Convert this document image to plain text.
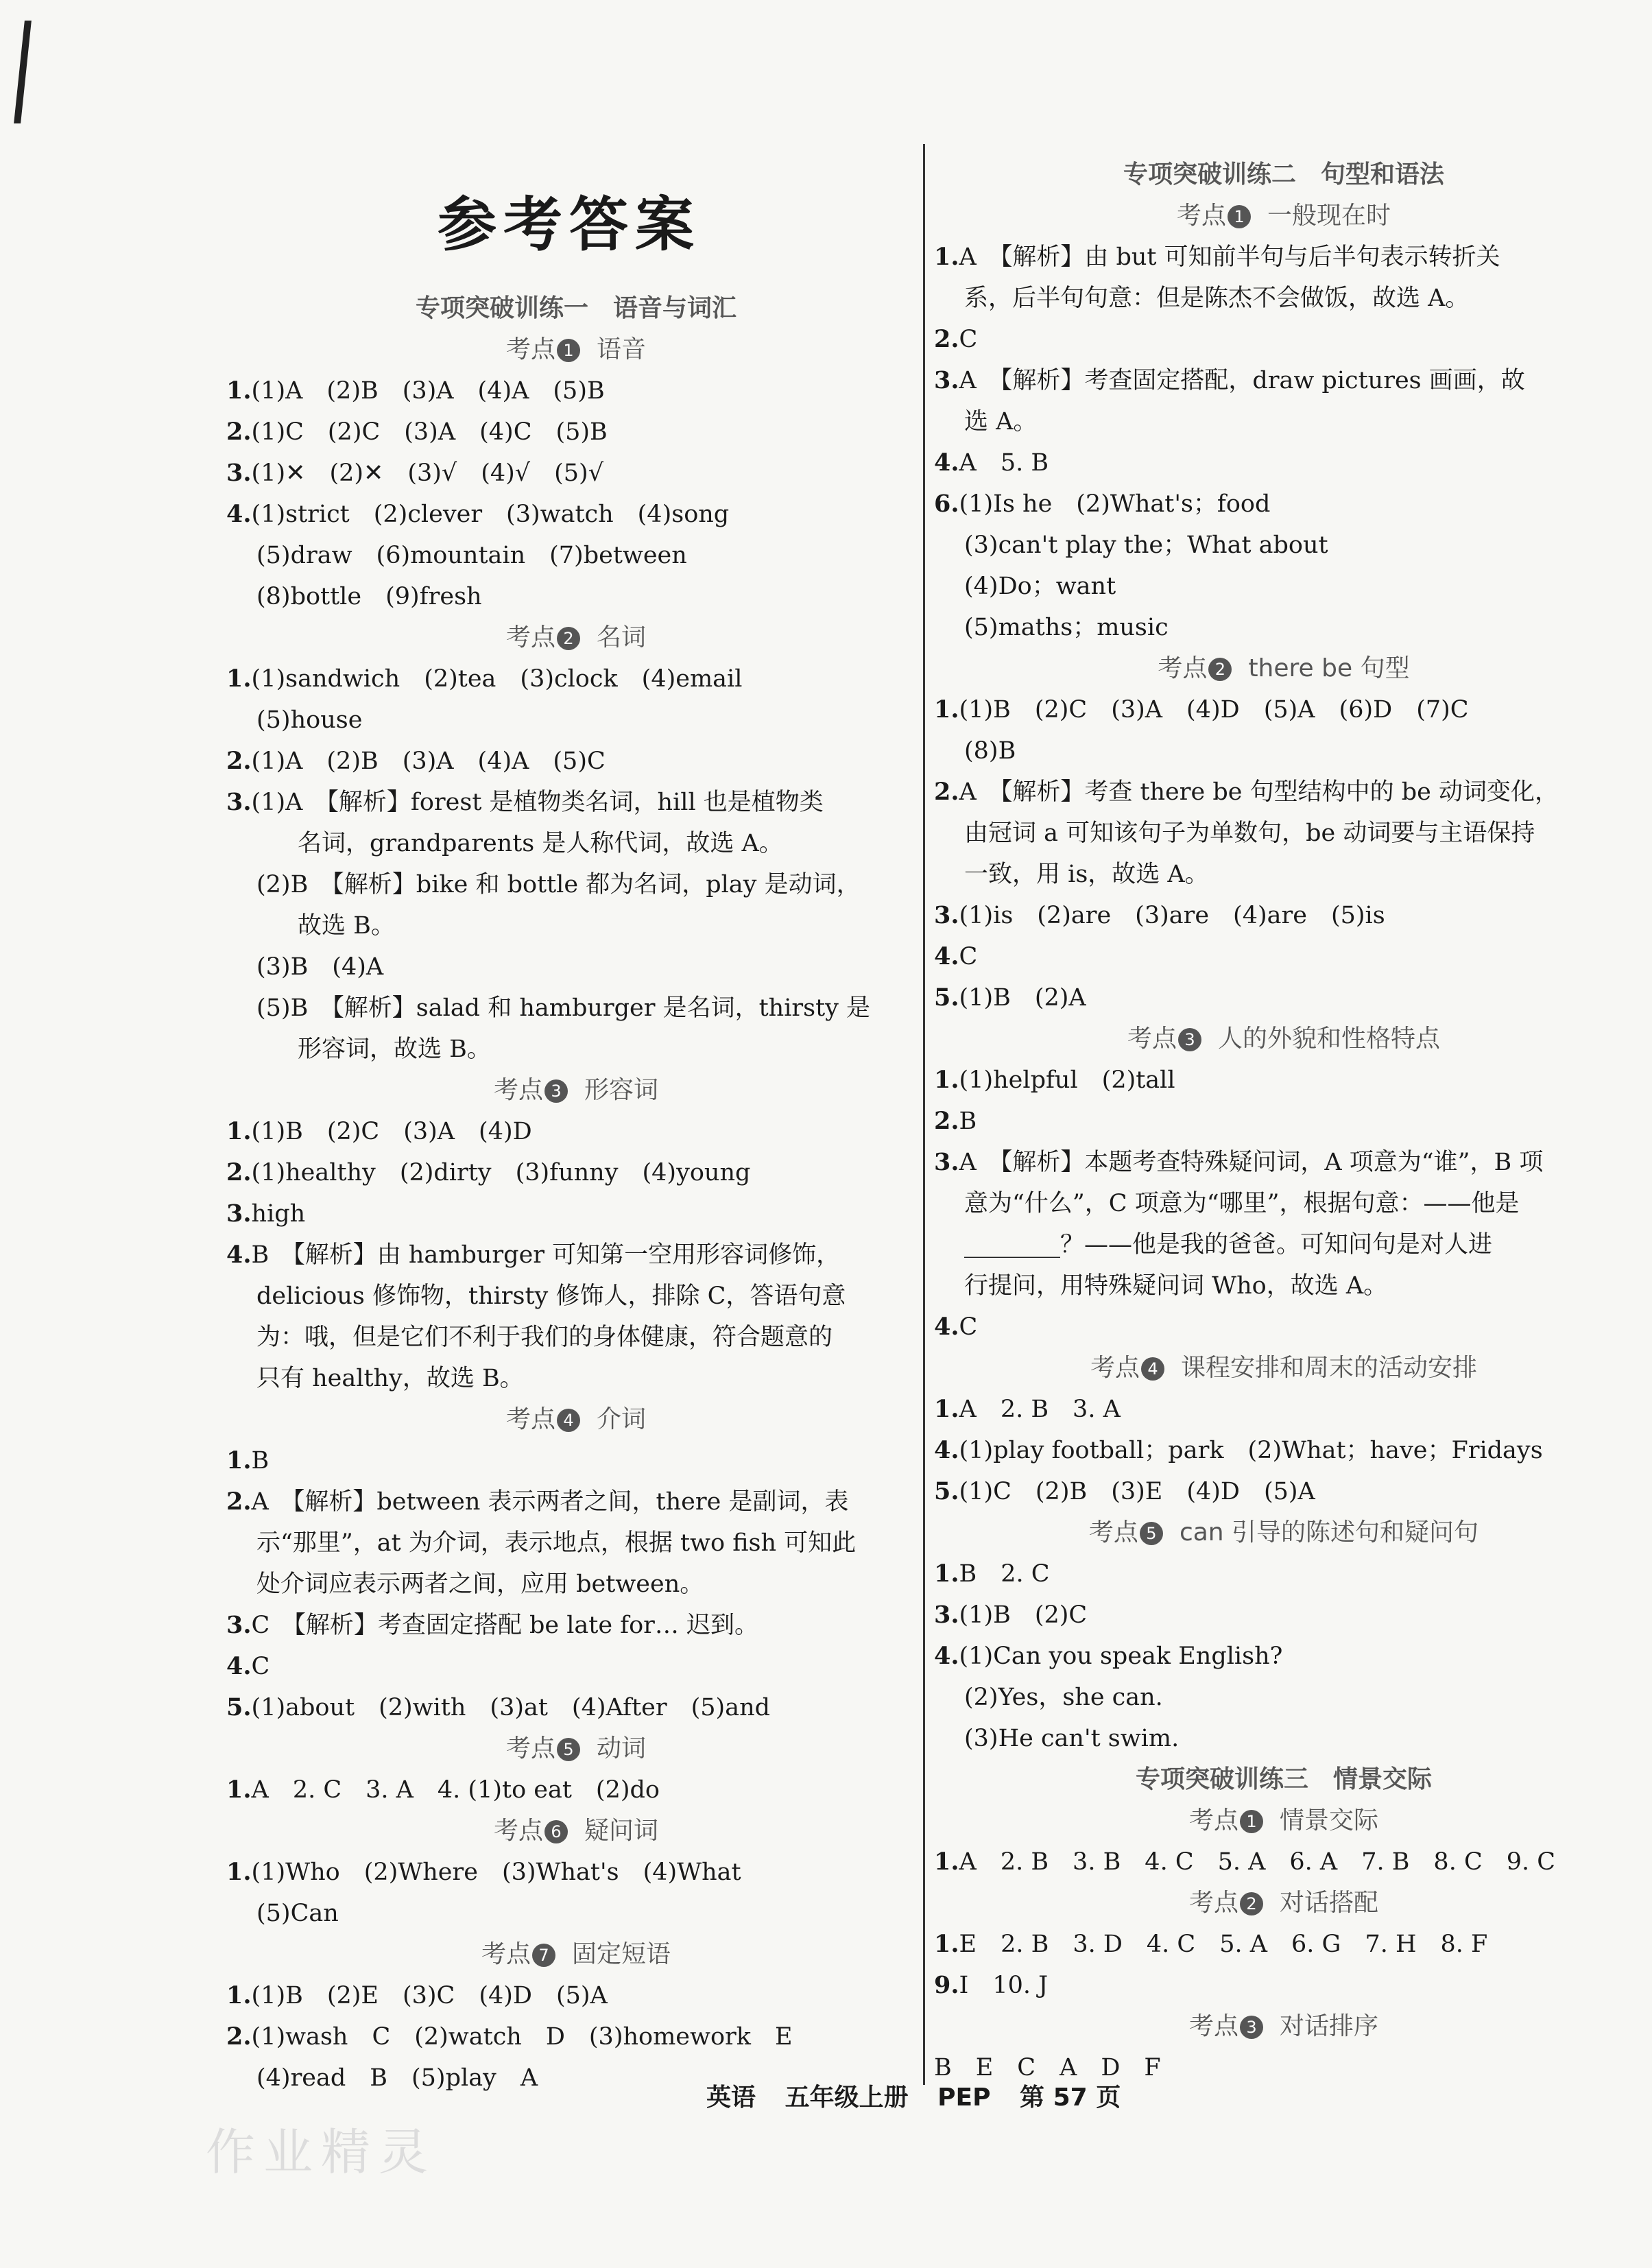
参考答案
专项突破训练一　语音与词汇
考点 1 语音
1.(1)A　(2)B　(3)A　(4)A　(5)B
2.(1)C　(2)C　(3)A　(4)C　(5)B
3.(1)✕　(2)✕　(3)√　(4)√　(5)√
4.(1)strict　(2)clever　(3)watch　(4)song
(5)draw　(6)mountain　(7)between
(8)bottle　(9)fresh
考点 2 名词
1.(1)sandwich　(2)tea　(3)clock　(4)email
(5)house
2.(1)A　(2)B　(3)A　(4)A　(5)C
3.(1)A　【解析】forest 是植物类名词，hill 也是植物类
名词，grandparents 是人称代词，故选 A。
(2)B　【解析】bike 和 bottle 都为名词，play 是动词，
故选 B。
(3)B　(4)A
(5)B　【解析】salad 和 hamburger 是名词，thirsty 是
形容词，故选 B。
考点 3 形容词
1.(1)B　(2)C　(3)A　(4)D
2.(1)healthy　(2)dirty　(3)funny　(4)young
3.high
4.B　【解析】由 hamburger 可知第一空用形容词修饰，
delicious 修饰物，thirsty 修饰人，排除 C，答语句意
为：哦，但是它们不利于我们的身体健康，符合题意的
只有 healthy，故选 B。
考点 4 介词
1.B
2.A　【解析】between 表示两者之间，there 是副词，表
示“那里”，at 为介词，表示地点，根据 two fish 可知此
处介词应表示两者之间，应用 between。
3.C　【解析】考查固定搭配 be late for… 迟到。
4.C
5.(1)about　(2)with　(3)at　(4)After　(5)and
考点 5 动词
1.A　2. C　3. A　4. (1)to eat　(2)do
考点 6 疑问词
1.(1)Who　(2)Where　(3)What's　(4)What
(5)Can
考点 7 固定短语
1.(1)B　(2)E　(3)C　(4)D　(5)A
2.(1)wash　C　(2)watch　D　(3)homework　E
(4)read　B　(5)play　A
专项突破训练二　句型和语法
考点 1 一般现在时
1.A　【解析】由 but 可知前半句与后半句表示转折关
系，后半句句意：但是陈杰不会做饭，故选 A。
2.C
3.A　【解析】考查固定搭配，draw pictures 画画，故
选 A。
4.A　5. B
6.(1)Is he　(2)What's；food
(3)can't play the；What about
(4)Do；want
(5)maths；music
考点 2 there be 句型
1.(1)B　(2)C　(3)A　(4)D　(5)A　(6)D　(7)C
(8)B
2.A　【解析】考查 there be 句型结构中的 be 动词变化，
由冠词 a 可知该句子为单数句，be 动词要与主语保持
一致，用 is，故选 A。
3.(1)is　(2)are　(3)are　(4)are　(5)is
4.C
5.(1)B　(2)A
考点 3 人的外貌和性格特点
1.(1)helpful　(2)tall
2.B
3.A　【解析】本题考查特殊疑问词，A 项意为“谁”，B 项
意为“什么”，C 项意为“哪里”，根据句意：——他是
________？——他是我的爸爸。可知问句是对人进
行提问，用特殊疑问词 Who，故选 A。
4.C
考点 4 课程安排和周末的活动安排
1.A　2. B　3. A
4.(1)play football；park　(2)What；have；Fridays
5.(1)C　(2)B　(3)E　(4)D　(5)A
考点 5 can 引导的陈述句和疑问句
1.B　2. C
3.(1)B　(2)C
4.(1)Can you speak English?
(2)Yes，she can.
(3)He can't swim.
专项突破训练三　情景交际
考点 1 情景交际
1.A　2. B　3. B　4. C　5. A　6. A　7. B　8. C　9. C
考点 2 对话搭配
1.E　2. B　3. D　4. C　5. A　6. G　7. H　8. F
9.I　10. J
考点 3 对话排序
B　E　C　A　D　F
英语 五年级上册 PEP 第 57 页
作业精灵
